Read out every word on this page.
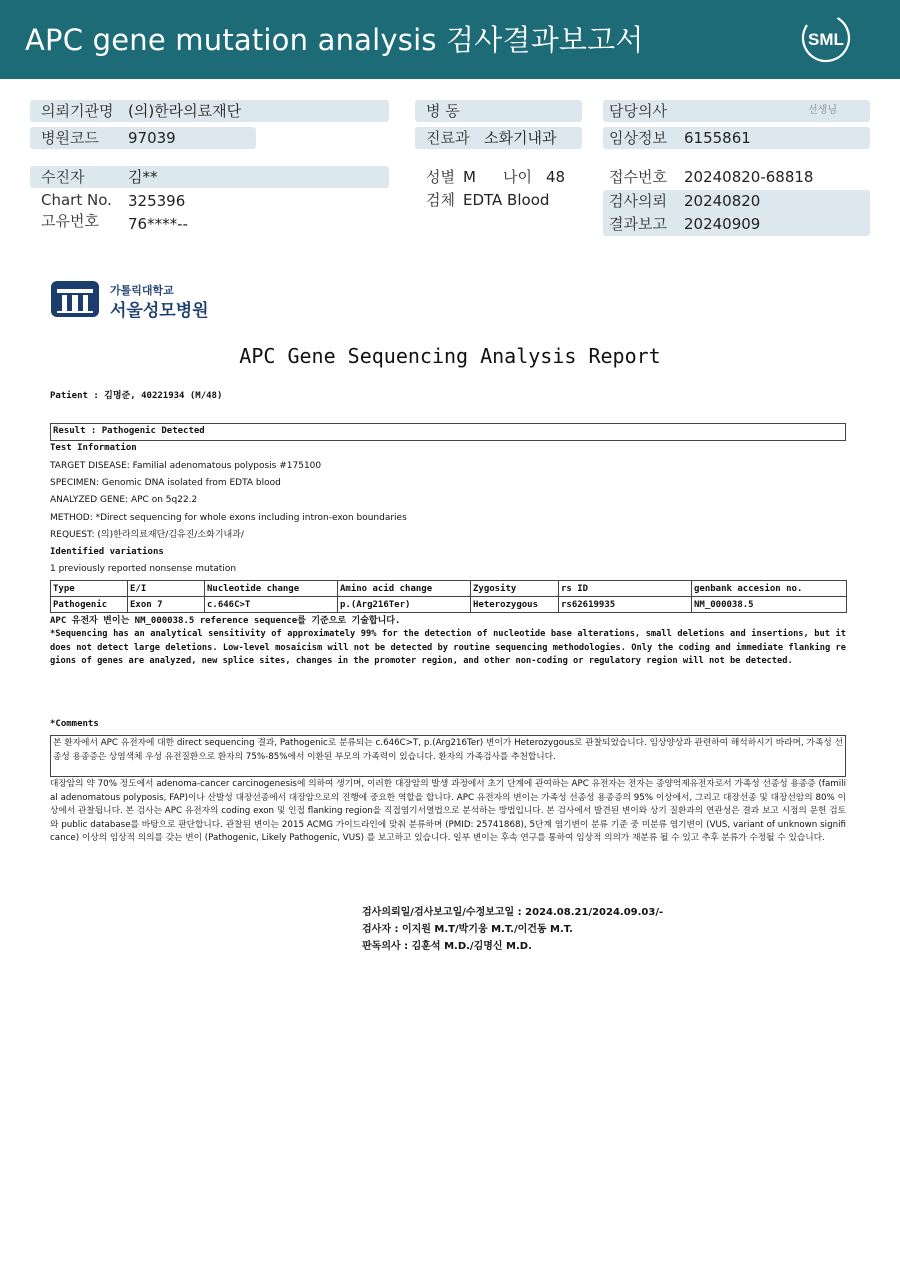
APC gene mutation analysis 검사결과보고서	SML
의뢰기관명 (의)한라의료재단
병원코드 97039
수진자	김**
Chart No. 325396
고유번호 76****--
병 동
진료과 소화기내과
성별 M 나이 48
검체 EDTA Blood
담당의사	선생님
임상정보 6155861
접수번호 20240820-68818
검사의뢰 20240820
결과보고 20240909
가톨릭대학교
서울성모병원
APC Gene Sequencing Analysis Report
Patient : 김명준, 40221934 (M/48)
Result : Pathogenic Detected
Test Information
TARGET DISEASE: Familial adenomatous polyposis #175100
SPECIMEN: Genomic DNA isolated from EDTA blood
ANALYZED GENE: APC on 5q22.2
METHOD: *Direct sequencing for whole exons including intron-exon boundaries
REQUEST: (의)한라의료재단/김유진/소화기내과/
Identified variations
1 previously reported nonsense mutation
Type	E/I	Nucleotide change	Amino acid change	Zygosity	rs ID	genbank accesion no.
Pathogenic	Exon 7	c.646C>T	p.(Arg216Ter)	Heterozygous	rs62619935	NM_000038.5
APC 유전자 변이는 NM_000038.5 reference sequence를 기준으로 기술합니다.
*Sequencing has an analytical sensitivity of approximately 99% for the detection of nucleotide base alterations, small deletions and insertions, but it does not detect large deletions. Low-level mosaicism will not be detected by routine sequencing methodologies. Only the coding and immediate flanking regions of genes are analyzed, new splice sites, changes in the promoter region, and other non-coding or regulatory region will not be detected.
*Comments
본 환자에서 APC 유전자에 대한 direct sequencing 결과, Pathogenic로 분류되는 c.646C>T, p.(Arg216Ter) 변이가 Heterozygous로 관찰되었습니다. 임상양상과 관련하여 해석하시기 바라며, 가족성 선종성 용종증은 상염색체 우성 유전질환으로 환자의 75%-85%에서 이환된 부모의 가족력이 있습니다. 환자의 가족검사를 추천합니다.
대장암의 약 70% 정도에서 adenoma-cancer carcinogenesis에 의하여 생기며, 이러한 대장암의 발생 과정에서 초기 단계에 관여하는 APC 유전자는 전자는 종양억제유전자로서 가족성 선종성 용종증 (familial adenomatous polyposis, FAP)이나 산발성 대장선종에서 대장암으로의 진행에 중요한 역할을 합니다. APC 유전자의 변이는 가족성 선종성 용종증의 95% 이상에서, 그리고 대장선종 및 대장선암의 80% 이상에서 관찰됩니다. 본 검사는 APC 유전자의 coding exon 및 인접 flanking region을 직접염기서열법으로 분석하는 방법입니다. 본 검사에서 발견된 변이와 상기 질환과의 연관성은 결과 보고 시점의 문헌 검토와 public database를 바탕으로 판단합니다. 관찰된 변이는 2015 ACMG 가이드라인에 맞춰 분류하며 (PMID: 25741868), 5단계 염기변이 분류 기준 중 미분류 염기변이 (VUS, variant of unknown significance) 이상의 임상적 의의를 갖는 변이 (Pathogenic, Likely Pathogenic, VUS) 를 보고하고 있습니다. 일부 변이는 후속 연구를 통하여 임상적 의의가 재분류 될 수 있고 추후 분류가 수정될 수 있습니다.
검사의뢰일/검사보고일/수정보고일 : 2024.08.21/2024.09.03/-
검사자 : 이지원 M.T/박기웅 M.T./이건동 M.T.
판독의사 : 김훈석 M.D./김명신 M.D.
